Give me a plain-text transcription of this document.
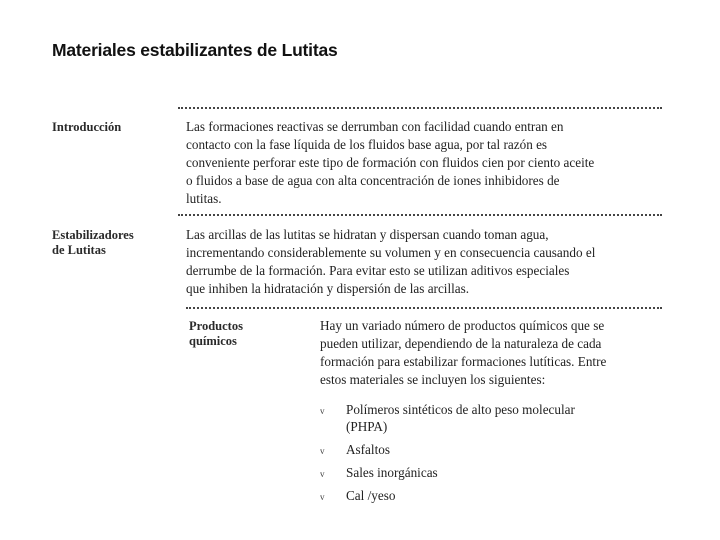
Materiales estabilizantes de Lutitas
Introducción	Las formaciones reactivas se derrumban con facilidad cuando entran en
contacto con la fase líquida de los fluidos base agua, por tal razón es
conveniente perforar este tipo de formación con fluidos cien por ciento aceite
o fluidos a base de agua con alta concentración de iones inhibidores de
lutitas.
Estabilizadores
de Lutitas
Las arcillas de las lutitas se hidratan y dispersan cuando toman agua,
incrementando considerablemente su volumen y en consecuencia causando el
derrumbe de la formación. Para evitar esto se utilizan aditivos especiales
que inhiben la hidratación y dispersión de las arcillas.
Productos
químicos
Hay un variado número de productos químicos que se
pueden utilizar, dependiendo de la naturaleza de cada
formación para estabilizar formaciones lutíticas. Entre
estos materiales se incluyen los siguientes:
v Polímeros sintéticos de alto peso molecular
(PHPA)
v Asfaltos
v Sales inorgánicas
v Cal /yeso
